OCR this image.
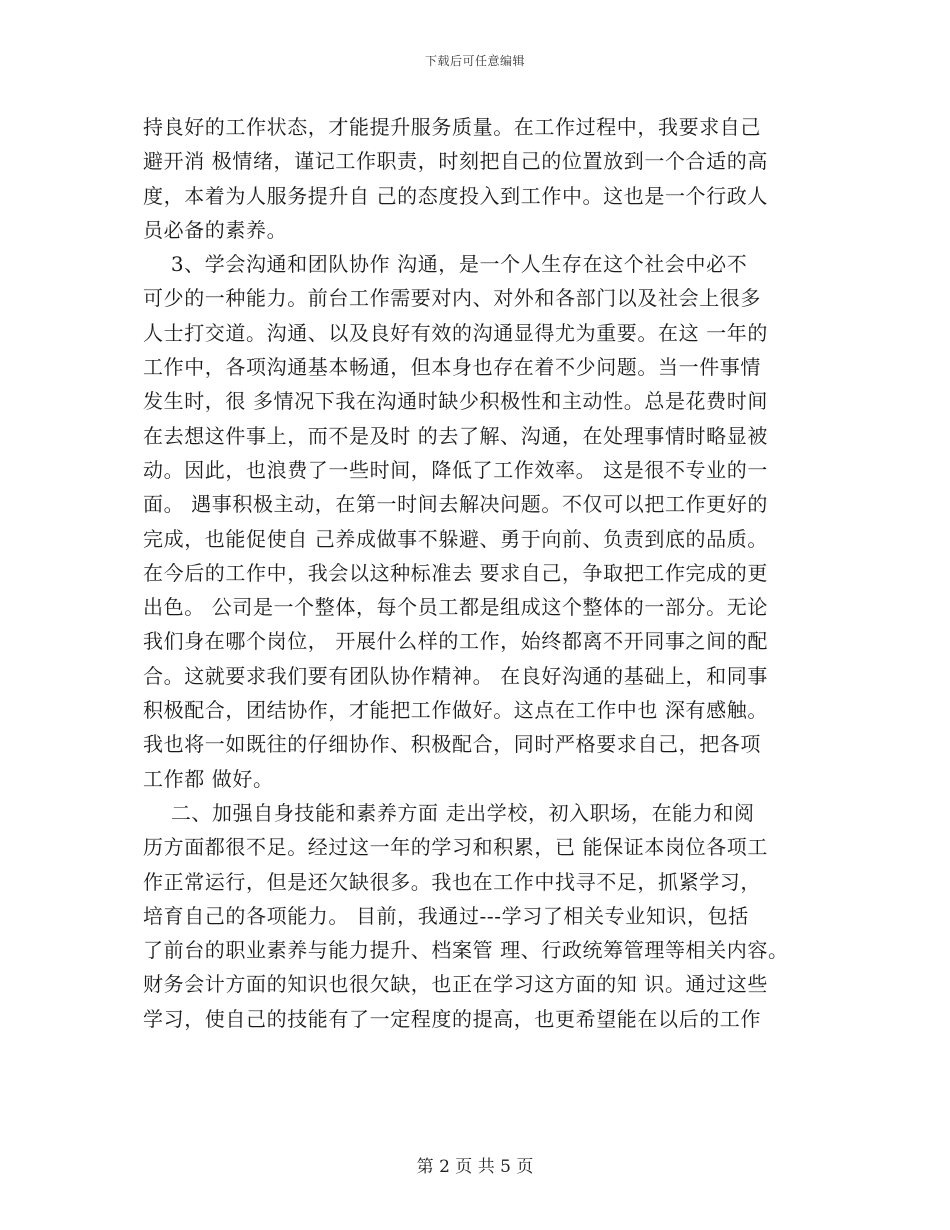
下载后可任意编辑
持良好的工作状态，才能提升服务质量。在工作过程中，我要求自己
避开消 极情绪，谨记工作职责，时刻把自己的位置放到一个合适的高
度，本着为人服务提升自 己的态度投入到工作中。这也是一个行政人
员必备的素养。
3、学会沟通和团队协作 沟通，是一个人生存在这个社会中必不
可少的一种能力。前台工作需要对内、对外和各部门以及社会上很多
人士打交道。沟通、以及良好有效的沟通显得尤为重要。在这 一年的
工作中，各项沟通基本畅通，但本身也存在着不少问题。当一件事情
发生时，很 多情况下我在沟通时缺少积极性和主动性。总是花费时间
在去想这件事上，而不是及时 的去了解、沟通，在处理事情时略显被
动。因此，也浪费了一些时间，降低了工作效率。 这是很不专业的一
面。 遇事积极主动，在第一时间去解决问题。不仅可以把工作更好的
完成，也能促使自 己养成做事不躲避、勇于向前、负责到底的品质。
在今后的工作中，我会以这种标准去 要求自己，争取把工作完成的更
出色。 公司是一个整体，每个员工都是组成这个整体的一部分。无论
我们身在哪个岗位， 开展什么样的工作，始终都离不开同事之间的配
合。这就要求我们要有团队协作精神。 在良好沟通的基础上，和同事
积极配合，团结协作，才能把工作做好。这点在工作中也 深有感触。
我也将一如既往的仔细协作、积极配合，同时严格要求自己，把各项
工作都 做好。
二、加强自身技能和素养方面 走出学校，初入职场，在能力和阅
历方面都很不足。经过这一年的学习和积累，已 能保证本岗位各项工
作正常运行，但是还欠缺很多。我也在工作中找寻不足，抓紧学习，
培育自己的各项能力。 目前，我通过---学习了相关专业知识，包括
了前台的职业素养与能力提升、档案管 理、行政统筹管理等相关内容。
财务会计方面的知识也很欠缺，也正在学习这方面的知 识。通过这些
学习，使自己的技能有了一定程度的提高，也更希望能在以后的工作
第 2 页 共 5 页
